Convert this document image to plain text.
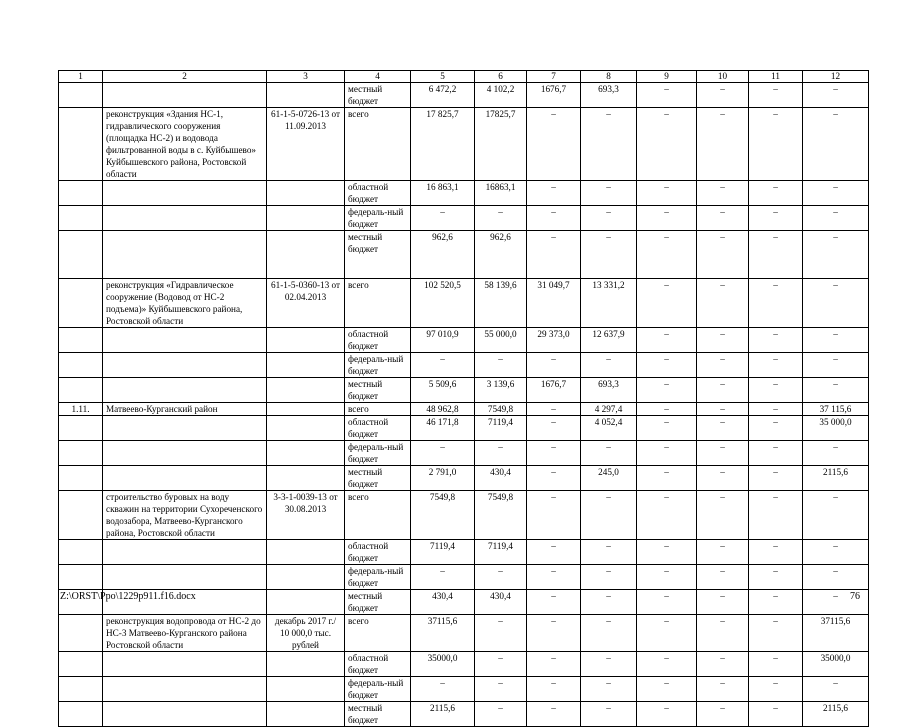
1	2	3	4	5	6	7	8	9	10	11	12
			местный бюджет	6 472,2	4 102,2	1676,7	693,3	–	–	–	–
	реконструкция «Здания НС-1, гидравлического сооружения (площадка НС-2) и водовода фильтрованной воды в с. Куйбышево» Куйбышевского района, Ростовской области	61-1-5-0726-13 от 11.09.2013	всего	17 825,7	17825,7	–	–	–	–	–	–
			областной бюджет	16 863,1	16863,1	–	–	–	–	–	–
			федераль-ный бюджет	–	–	–	–	–	–	–	–
			местный бюджет	962,6	962,6	–	–	–	–	–	–
	реконструкция «Гидравлическое сооружение (Водовод от НС-2 подъема)» Куйбышевского района, Ростовской области	61-1-5-0360-13 от 02.04.2013	всего	102 520,5	58 139,6	31 049,7	13 331,2	–	–	–	–
			областной бюджет	97 010,9	55 000,0	29 373,0	12 637,9	–	–	–	–
			федераль-ный бюджет	–	–	–	–	–	–	–	–
			местный бюджет	5 509,6	3 139,6	1676,7	693,3	–	–	–	–
1.11.	Матвеево-Курганский район		всего	48 962,8	7549,8	–	4 297,4	–	–	–	37 115,6
			областной бюджет	46 171,8	7119,4	–	4 052,4	–	–	–	35 000,0
			федераль-ный бюджет	–	–	–	–	–	–	–	–
			местный бюджет	2 791,0	430,4	–	245,0	–	–	–	2115,6
	строительство буровых на воду скважин на территории Сухореченского водозабора, Матвеево-Курганского района, Ростовской области	3-3-1-0039-13 от 30.08.2013	всего	7549,8	7549,8	–	–	–	–	–	–
			областной бюджет	7119,4	7119,4	–	–	–	–	–	–
			федераль-ный бюджет	–	–	–	–	–	–	–	–
			местный бюджет	430,4	430,4	–	–	–	–	–	–
	реконструкция водопровода от НС-2 до НС-3 Матвеево-Курганского района Ростовской области	декабрь 2017 г./ 10 000,0 тыс. рублей	всего	37115,6	–	–	–	–	–	–	37115,6
			областной бюджет	35000,0	–	–	–	–	–	–	35000,0
			федераль-ный бюджет	–	–	–	–	–	–	–	–
			местный бюджет	2115,6	–	–	–	–	–	–	2115,6
Z:\ORST\Ppo\1229p911.f16.docx	76
